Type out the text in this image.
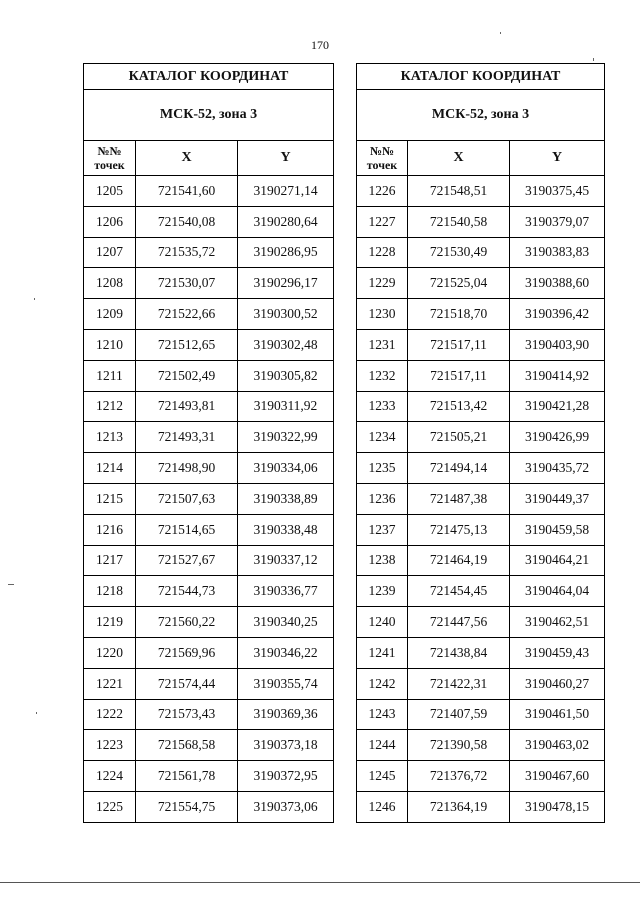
170
КАТАЛОГ КООРДИНАТ		
МСК-52, зона 3		
№№ точек	X	Y
1205	721541,60	3190271,14
1206	721540,08	3190280,64
1207	721535,72	3190286,95
1208	721530,07	3190296,17
1209	721522,66	3190300,52
1210	721512,65	3190302,48
1211	721502,49	3190305,82
1212	721493,81	3190311,92
1213	721493,31	3190322,99
1214	721498,90	3190334,06
1215	721507,63	3190338,89
1216	721514,65	3190338,48
1217	721527,67	3190337,12
1218	721544,73	3190336,77
1219	721560,22	3190340,25
1220	721569,96	3190346,22
1221	721574,44	3190355,74
1222	721573,43	3190369,36
1223	721568,58	3190373,18
1224	721561,78	3190372,95
1225	721554,75	3190373,06
КАТАЛОГ КООРДИНАТ		
МСК-52, зона 3		
№№ точек	X	Y
1226	721548,51	3190375,45
1227	721540,58	3190379,07
1228	721530,49	3190383,83
1229	721525,04	3190388,60
1230	721518,70	3190396,42
1231	721517,11	3190403,90
1232	721517,11	3190414,92
1233	721513,42	3190421,28
1234	721505,21	3190426,99
1235	721494,14	3190435,72
1236	721487,38	3190449,37
1237	721475,13	3190459,58
1238	721464,19	3190464,21
1239	721454,45	3190464,04
1240	721447,56	3190462,51
1241	721438,84	3190459,43
1242	721422,31	3190460,27
1243	721407,59	3190461,50
1244	721390,58	3190463,02
1245	721376,72	3190467,60
1246	721364,19	3190478,15
